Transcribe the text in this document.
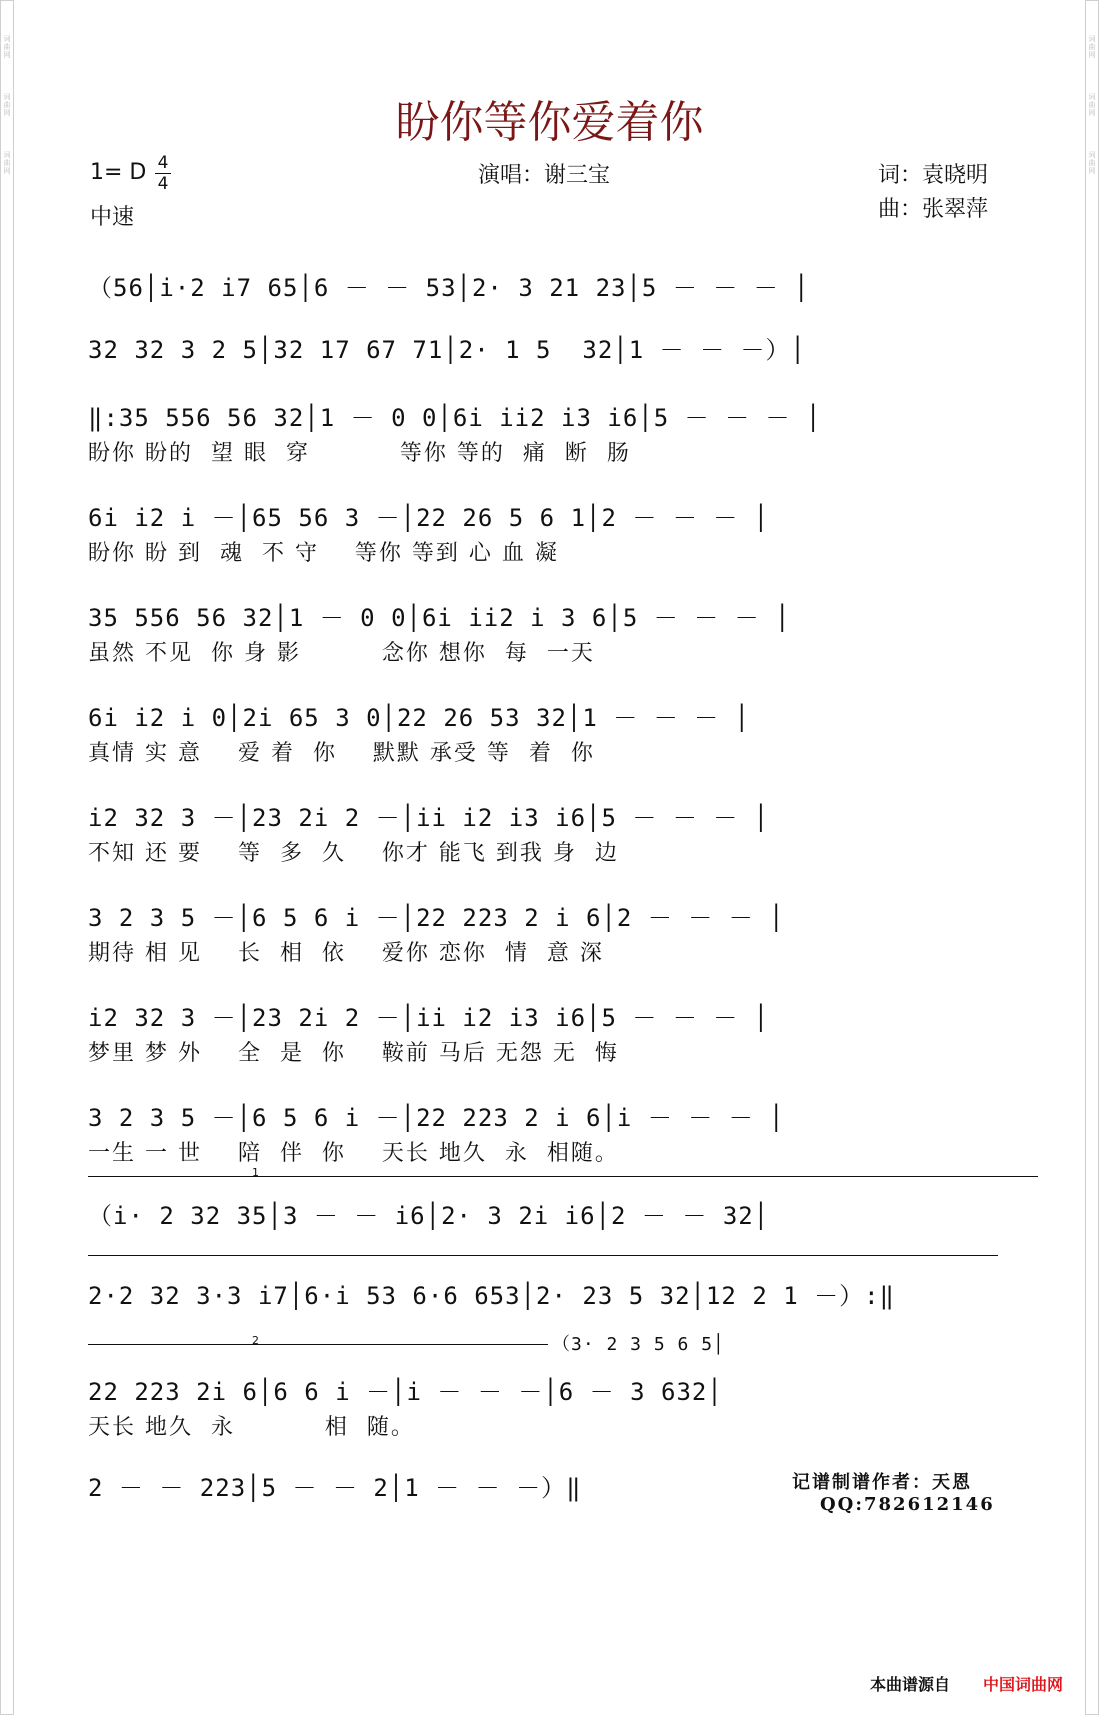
词曲网
词曲网
词曲网
词曲网
词曲网
词曲网
盼你等你爱着你
1= D 4
4
中速
演唱：谢三宝	词：袁晓明
曲：张翠萍
（56│i·2 i7 65│6 － － 53│2· 3 21 23│5 － － － │
32 32 3 2 5│32 17 67 71│2· 1 5  32│1 － － －）│
‖:35 556 56 32│1 － 0 0│6i ii2 i3 i6│5 － － － │
盼你 盼的  望 眼  穿          等你 等的  痛  断  肠
6i i2 i －│65 56 3 －│22 26 5 6 1│2 － － － │
盼你 盼 到  魂  不 守    等你 等到 心 血 凝
35 556 56 32│1 － 0 0│6i ii2 i 3 6│5 － － － │
虽然 不见  你 身 影         念你 想你  每  一天
6i i2 i 0│2i 65 3 0│22 26 53 32│1 － － － │
真情 实 意    爱 着  你    默默 承受 等  着  你
i2 32 3 －│23 2i 2 －│ii i2 i3 i6│5 － － － │
不知 还 要    等  多  久    你才 能飞 到我 身  边
3 2 3 5 －│6 5 6 i －│22 223 2 i 6│2 － － － │
期待 相 见    长  相  依    爱你 恋你  情  意 深
i2 32 3 －│23 2i 2 －│ii i2 i3 i6│5 － － － │
梦里 梦 外    全  是  你    鞍前 马后 无怨 无  悔
3 2 3 5 －│6 5 6 i －│22 223 2 i 6│i － － － │
一生 一 世    陪  伴  你    天长 地久  永  相随。
1
（i· 2 32 35│3 － － i6│2· 3 2i i6│2 － － 32│
2·2 32 3·3 i7│6·i 53 6·6 653│2· 23 5 32│12 2 1 －）:‖
2	（3· 2 3 5 6 5│
22 223 2i 6│6 6 i －│i － － －│6 － 3 632│
天长 地久  永          相  随。
2 － － 223│5 － － 2│1 － － －）‖	记谱制谱作者：天恩
QQ:782612146
本曲谱源自 中国词曲网
